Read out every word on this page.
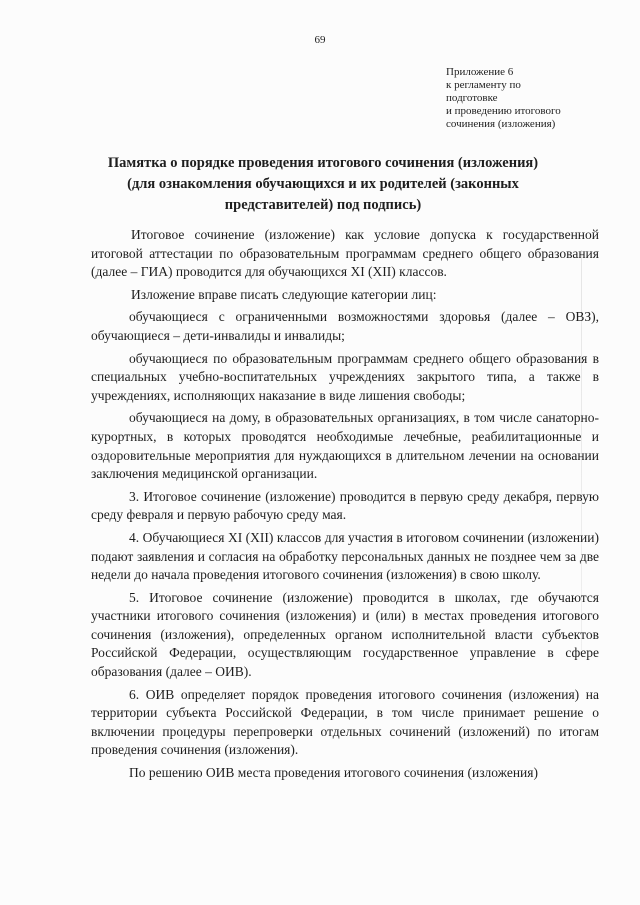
69
Приложение 6
к регламенту по
подготовке
и проведению итогового
сочинения (изложения)
Памятка о порядке проведения итогового сочинения (изложения) (для ознакомления обучающихся и их родителей (законных представителей) под подпись)

Итоговое сочинение (изложение) как условие допуска к государственной итоговой аттестации по образовательным программам среднего общего образования (далее – ГИА) проводится для обучающихся XI (XII) классов.

Изложение вправе писать следующие категории лиц:

обучающиеся с ограниченными возможностями здоровья (далее – ОВЗ), обучающиеся – дети-инвалиды и инвалиды;

обучающиеся по образовательным программам среднего общего образования в специальных учебно-воспитательных учреждениях закрытого типа, а также в учреждениях, исполняющих наказание в виде лишения свободы;

обучающиеся на дому, в образовательных организациях, в том числе санаторно-курортных, в которых проводятся необходимые лечебные, реабилитационные и оздоровительные мероприятия для нуждающихся в длительном лечении на основании заключения медицинской организации.

3. Итоговое сочинение (изложение) проводится в первую среду декабря, первую среду февраля и первую рабочую среду мая.

4. Обучающиеся XI (XII) классов для участия в итоговом сочинении (изложении) подают заявления и согласия на обработку персональных данных не позднее чем за две недели до начала проведения итогового сочинения (изложения) в свою школу.

5. Итоговое сочинение (изложение) проводится в школах, где обучаются участники итогового сочинения (изложения) и (или) в местах проведения итогового сочинения (изложения), определенных органом исполнительной власти субъектов Российской Федерации, осуществляющим государственное управление в сфере образования (далее – ОИВ).

6. ОИВ определяет порядок проведения итогового сочинения (изложения) на территории субъекта Российской Федерации, в том числе принимает решение о включении процедуры перепроверки отдельных сочинений (изложений) по итогам проведения сочинения (изложения).

По решению ОИВ места проведения итогового сочинения (изложения)
